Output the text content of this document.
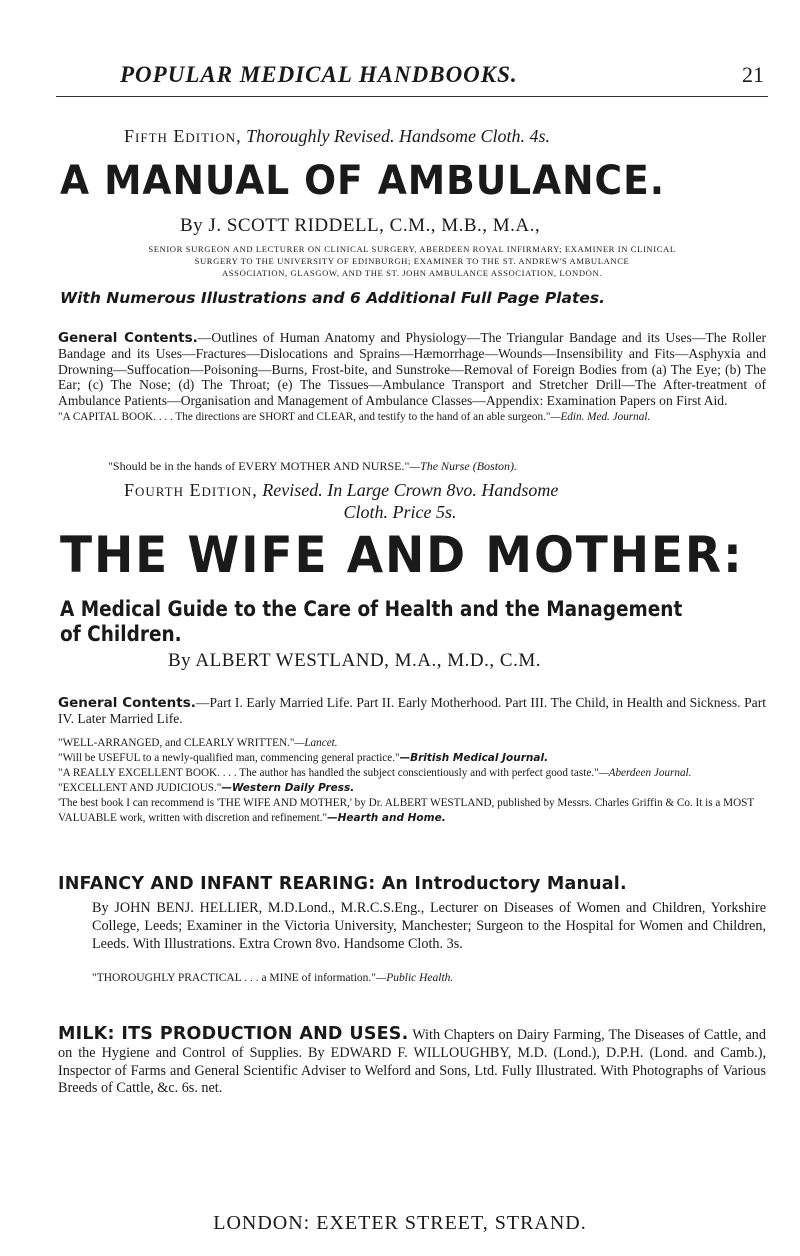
POPULAR MEDICAL HANDBOOKS.	21
Fifth Edition, Thoroughly Revised. Handsome Cloth. 4s.
A MANUAL OF AMBULANCE.
By J. SCOTT RIDDELL, C.M., M.B., M.A.,
SENIOR SURGEON AND LECTURER ON CLINICAL SURGERY, ABERDEEN ROYAL INFIRMARY; EXAMINER IN CLINICAL
SURGERY TO THE UNIVERSITY OF EDINBURGH; EXAMINER TO THE ST. ANDREW'S AMBULANCE
ASSOCIATION, GLASGOW, AND THE ST. JOHN AMBULANCE ASSOCIATION, LONDON.
With Numerous Illustrations and 6 Additional Full Page Plates.
General Contents.—Outlines of Human Anatomy and Physiology—The Triangular Bandage and its Uses—The Roller Bandage and its Uses—Fractures—Dislocations and Sprains—Hæmorrhage—Wounds—Insensibility and Fits—Asphyxia and Drowning—Suffocation—Poisoning—Burns, Frost-bite, and Sunstroke—Removal of Foreign Bodies from (a) The Eye; (b) The Ear; (c) The Nose; (d) The Throat; (e) The Tissues—Ambulance Transport and Stretcher Drill—The After-treatment of Ambulance Patients—Organisation and Management of Ambulance Classes—Appendix: Examination Papers on First Aid.
"A CAPITAL BOOK. . . . The directions are SHORT and CLEAR, and testify to the hand of an able surgeon."—Edin. Med. Journal.
"Should be in the hands of EVERY MOTHER AND NURSE."—The Nurse (Boston).
Fourth Edition, Revised. In Large Crown 8vo. Handsome
Cloth. Price 5s.
THE WIFE AND MOTHER:
A Medical Guide to the Care of Health and the Management of Children.
By ALBERT WESTLAND, M.A., M.D., C.M.
General Contents.—Part I. Early Married Life. Part II. Early Motherhood. Part III. The Child, in Health and Sickness. Part IV. Later Married Life.
"WELL-ARRANGED, and CLEARLY WRITTEN."—Lancet.
"Will be USEFUL to a newly-qualified man, commencing general practice."—British Medical Journal.
"A REALLY EXCELLENT BOOK. . . . The author has handled the subject conscientiously and with perfect good taste."—Aberdeen Journal.
"EXCELLENT AND JUDICIOUS."—Western Daily Press.
'The best book I can recommend is 'THE WIFE AND MOTHER,' by Dr. ALBERT WESTLAND, published by Messrs. Charles Griffin & Co. It is a MOST VALUABLE work, written with discretion and refinement."—Hearth and Home.
INFANCY AND INFANT REARING: An Introductory Manual.
By JOHN BENJ. HELLIER, M.D.Lond., M.R.C.S.Eng., Lecturer on Diseases of Women and Children, Yorkshire College, Leeds; Examiner in the Victoria University, Manchester; Surgeon to the Hospital for Women and Children, Leeds. With Illustrations. Extra Crown 8vo. Handsome Cloth. 3s.
"THOROUGHLY PRACTICAL . . . a MINE of information."—Public Health.
MILK: ITS PRODUCTION AND USES. With Chapters on Dairy Farming, The Diseases of Cattle, and on the Hygiene and Control of Supplies. By EDWARD F. WILLOUGHBY, M.D. (Lond.), D.P.H. (Lond. and Camb.), Inspector of Farms and General Scientific Adviser to Welford and Sons, Ltd. Fully Illustrated. With Photographs of Various Breeds of Cattle, &c. 6s. net.
LONDON: EXETER STREET, STRAND.
